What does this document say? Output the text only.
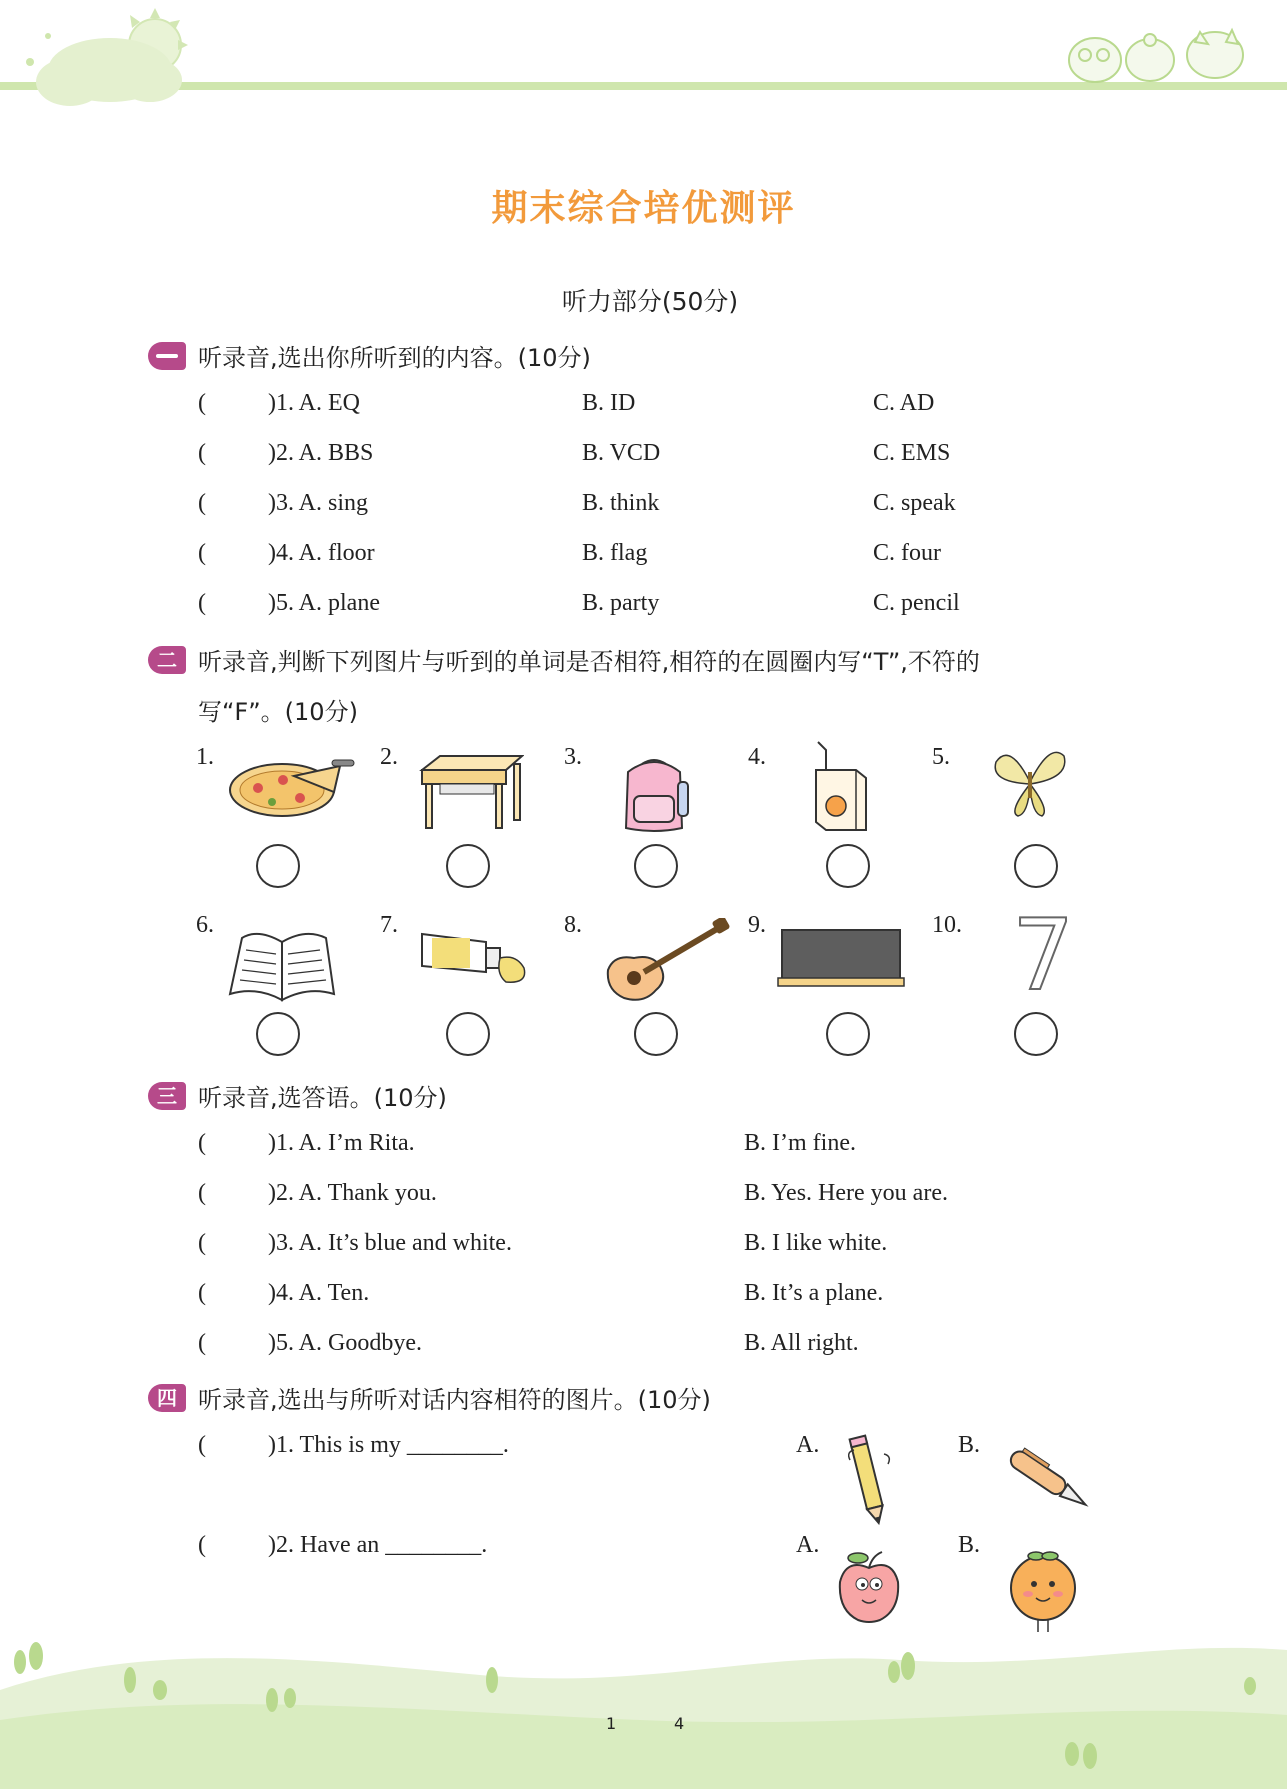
期末综合培优测评
听力部分(50分)
听录音,选出你所听到的内容。(10分)
(	)1. A. EQ	B. ID	C. AD
(	)2. A. BBS	B. VCD	C. EMS
(	)3. A. sing	B. think	C. speak
(	)4. A. floor	B. flag	C. four
(	)5. A. plane	B. party	C. pencil
二 听录音,判断下列图片与听到的单词是否相符,相符的在圆圈内写“T”,不符的
写“F”。(10分)
1.	2.	3.	4.	5.
6.	7.	8.	9.	10. 7
三 听录音,选答语。(10分)
(	)1. A. I’m Rita.	B. I’m fine.
(	)2. A. Thank you.	B. Yes. Here you are.
(	)3. A. It’s blue and white.	B. I like white.
(	)4. A. Ten.	B. It’s a plane.
(	)5. A. Goodbye.	B. All right.
四 听录音,选出与所听对话内容相符的图片。(10分)
(	)1. This is my ________.	A.	B.
(	)2. Have an ________.	A.	B.
1	4
